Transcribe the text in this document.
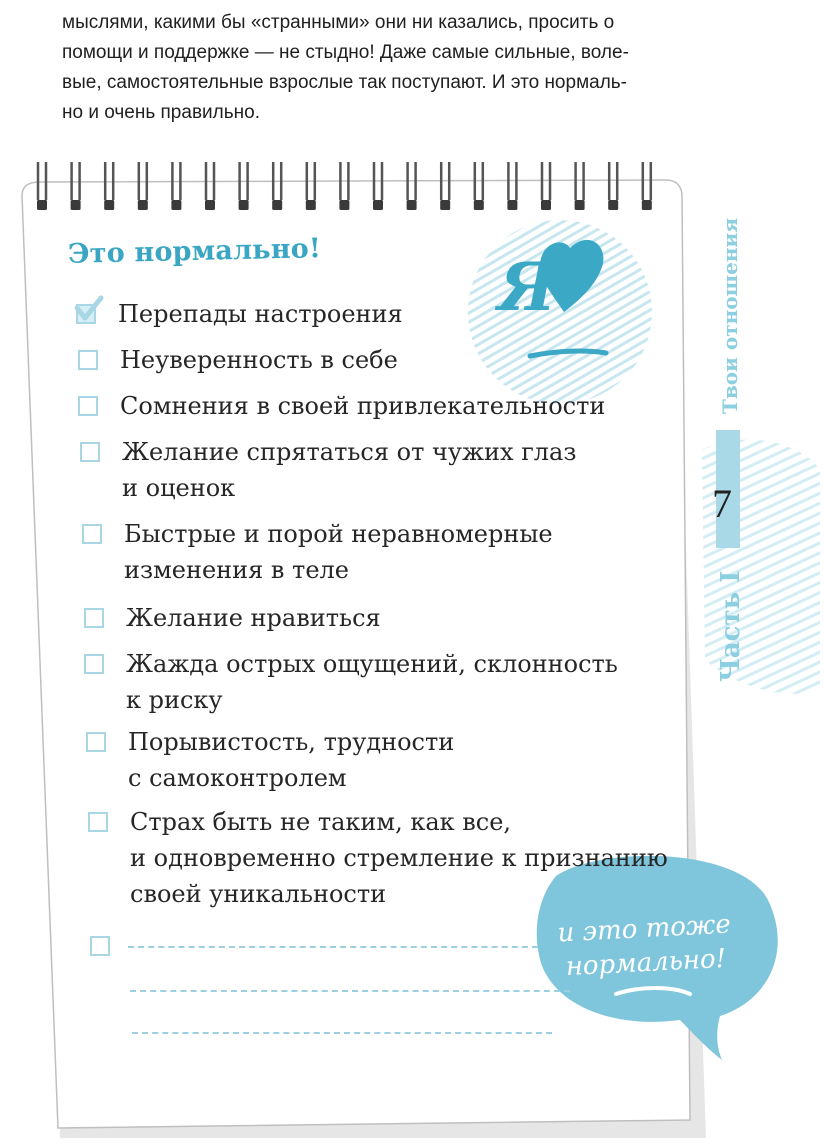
мыслями, какими бы «странными» они ни казались, просить о
помощи и поддержке — не стыдно! Даже самые сильные, воле-
вые, самостоятельные взрослые так поступают. И это нормаль-
но и очень правильно.

Это нормально!	Я
Перепады настроения
Неуверенность в себе
Сомнения в своей привлекательности
Желание спрятаться от чужих глаз
и оценок
Быстрые и порой неравномерные
изменения в теле
Желание нравиться
Жажда острых ощущений, склонность
к риску
Порывистость, трудности
с самоконтролем
Страх быть не таким, как все,
и одновременно стремление к признанию
своей уникальности
и это тоже
нормально!
Твои отношения
Часть I
7
